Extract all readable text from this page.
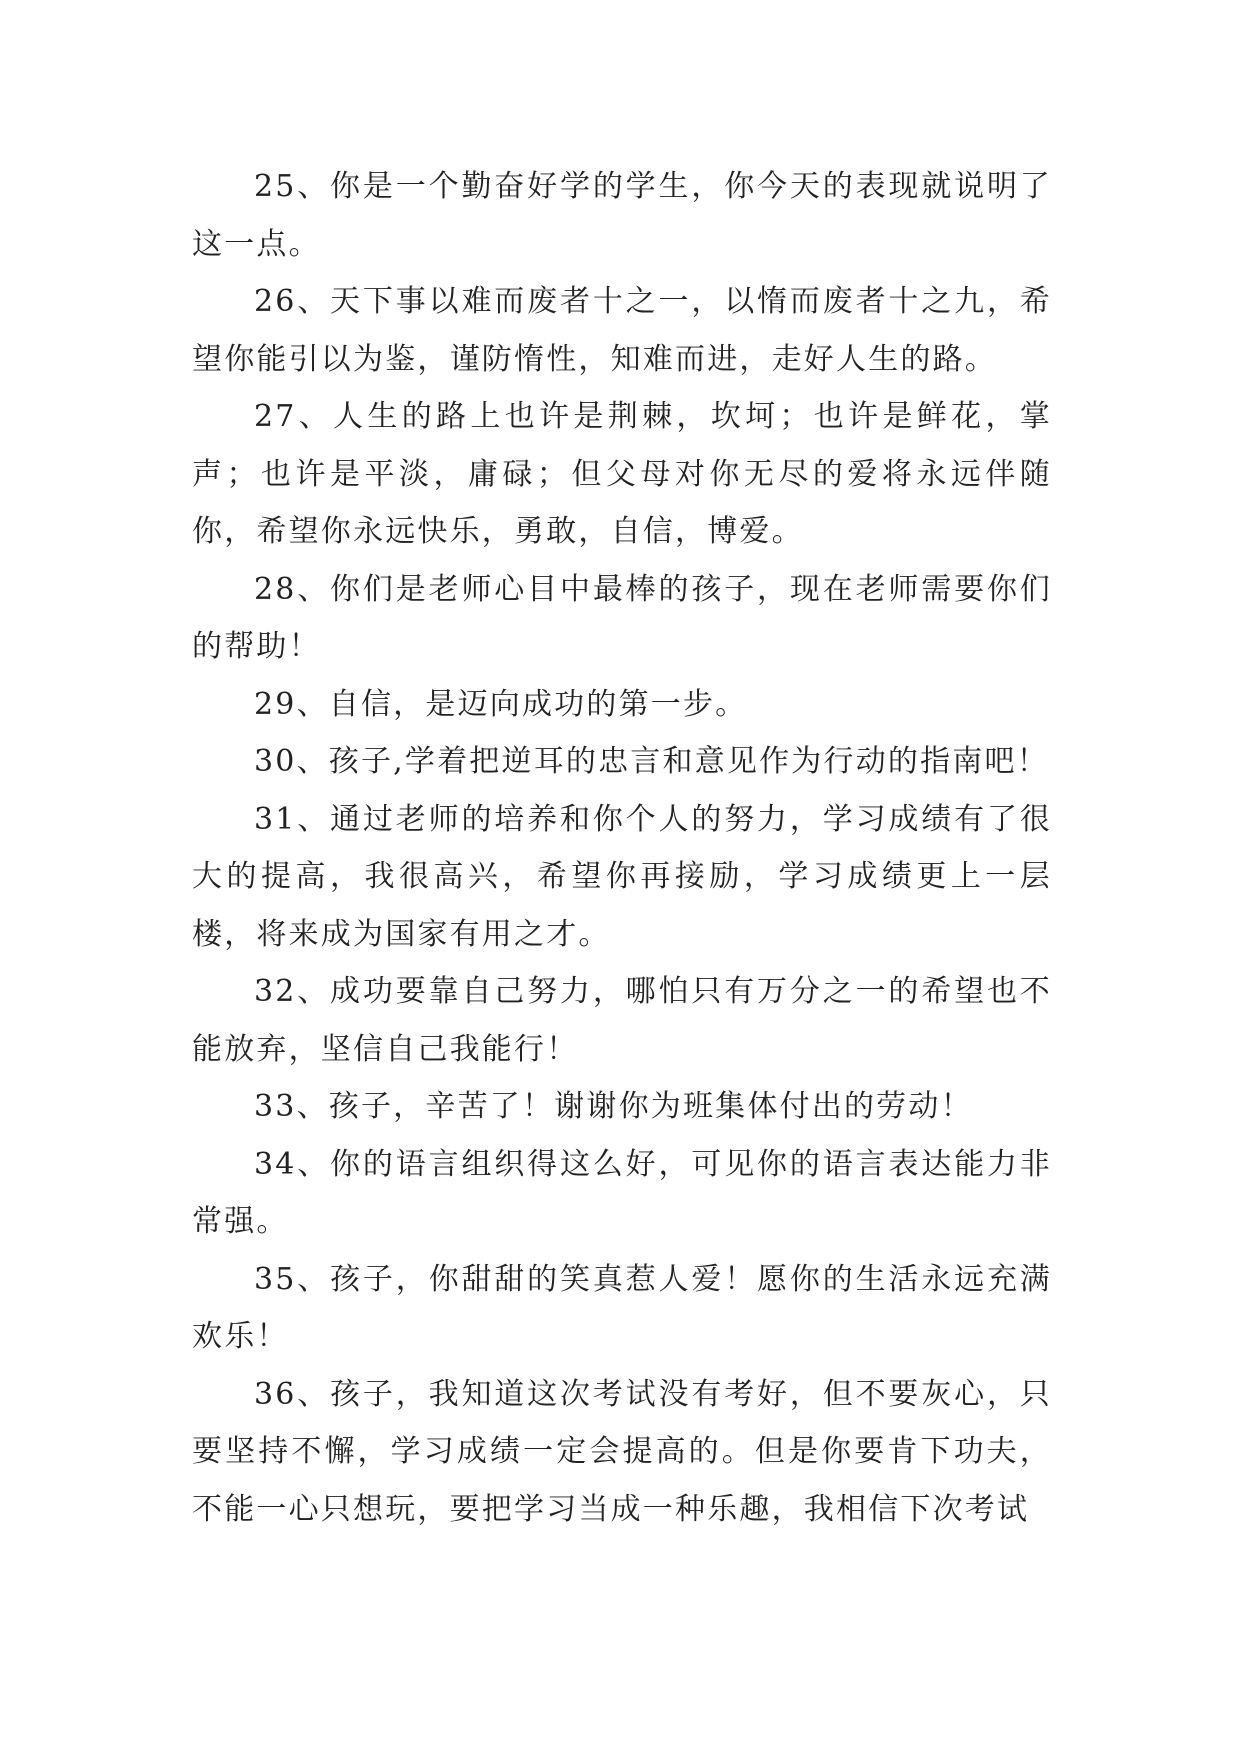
25、你是一个勤奋好学的学生，你今天的表现就说明了这一点。

26、天下事以难而废者十之一，以惰而废者十之九，希望你能引以为鉴，谨防惰性，知难而进，走好人生的路。

27、人生的路上也许是荆棘，坎坷；也许是鲜花，掌声；也许是平淡，庸碌；但父母对你无尽的爱将永远伴随你，希望你永远快乐，勇敢，自信，博爱。

28、你们是老师心目中最棒的孩子，现在老师需要你们的帮助！

29、自信，是迈向成功的第一步。

30、孩子,学着把逆耳的忠言和意见作为行动的指南吧！

31、通过老师的培养和你个人的努力，学习成绩有了很大的提高，我很高兴，希望你再接励，学习成绩更上一层楼，将来成为国家有用之才。

32、成功要靠自己努力，哪怕只有万分之一的希望也不能放弃，坚信自己我能行！

33、孩子，辛苦了！谢谢你为班集体付出的劳动！

34、你的语言组织得这么好，可见你的语言表达能力非常强。

35、孩子，你甜甜的笑真惹人爱！愿你的生活永远充满欢乐！

36、孩子，我知道这次考试没有考好，但不要灰心，只要坚持不懈，学习成绩一定会提高的。但是你要肯下功夫，不能一心只想玩，要把学习当成一种乐趣，我相信下次考试
